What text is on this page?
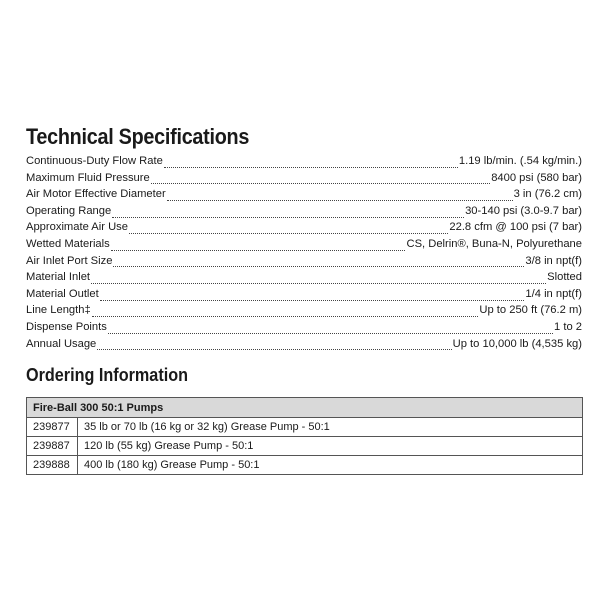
Technical Specifications
Continuous-Duty Flow Rate	1.19 lb/min. (.54 kg/min.)
Maximum Fluid Pressure	8400 psi (580 bar)
Air Motor Effective Diameter	3 in (76.2 cm)
Operating Range	30-140 psi (3.0-9.7 bar)
Approximate Air Use	22.8 cfm @ 100 psi (7 bar)
Wetted Materials	CS, Delrin®, Buna-N, Polyurethane
Air Inlet Port Size	3/8 in npt(f)
Material Inlet	Slotted
Material Outlet	1/4 in npt(f)
Line Length‡	Up to 250 ft (76.2 m)
Dispense Points	1 to 2
Annual Usage	Up to 10,000 lb (4,535 kg)
Ordering Information
Fire-Ball 300 50:1 Pumps	
239877	35 lb or 70 lb (16 kg or 32 kg) Grease Pump - 50:1
239887	120 lb (55 kg) Grease Pump - 50:1
239888	400 lb (180 kg) Grease Pump - 50:1
